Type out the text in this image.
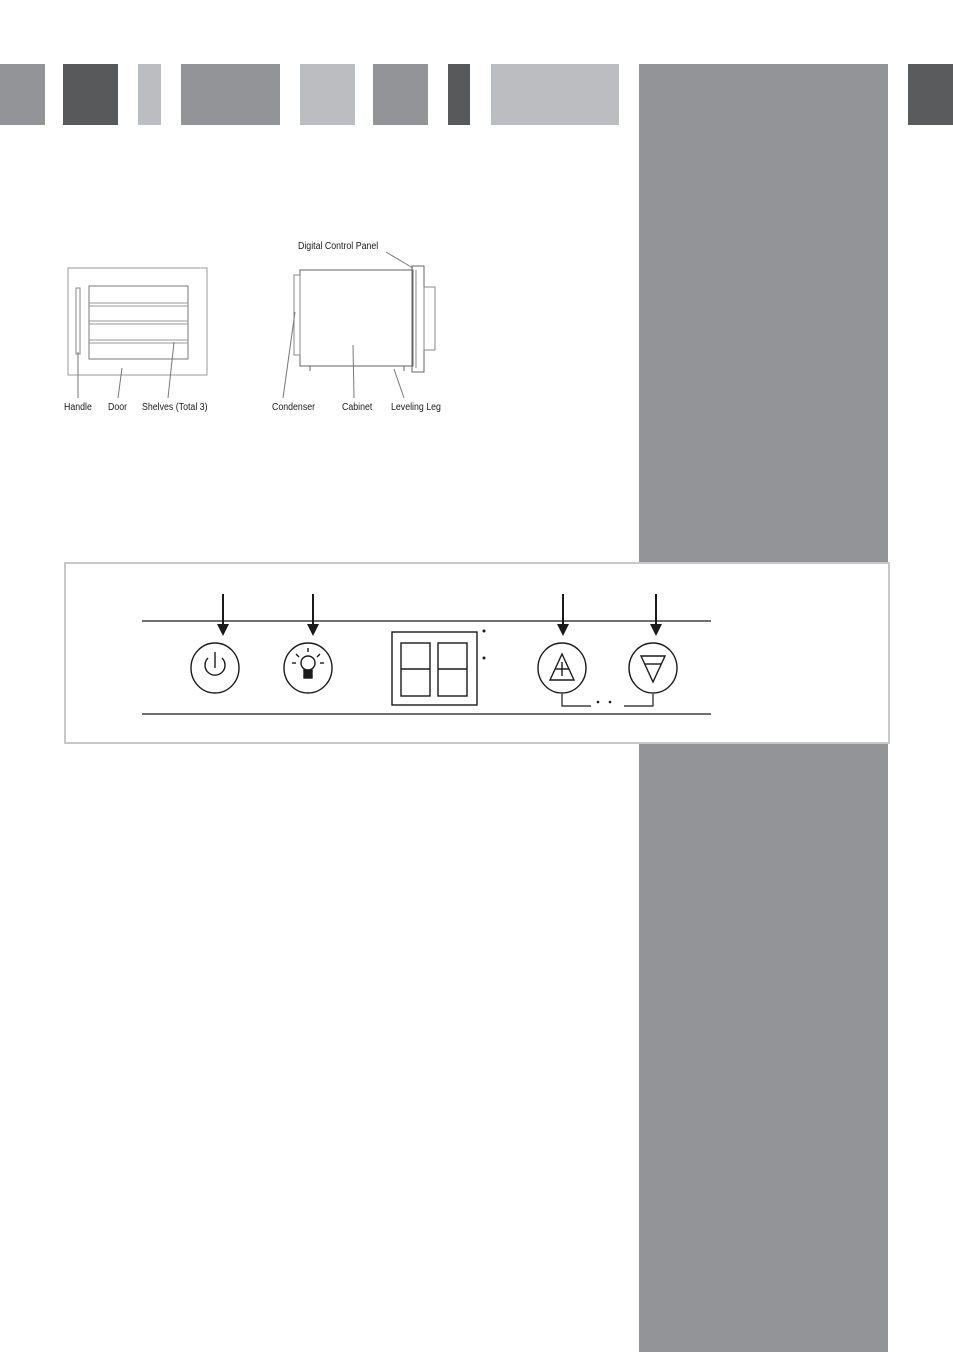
Handle Door Shelves (Total 3)
Digital Control Panel
Condenser	Cabinet Leveling Leg
